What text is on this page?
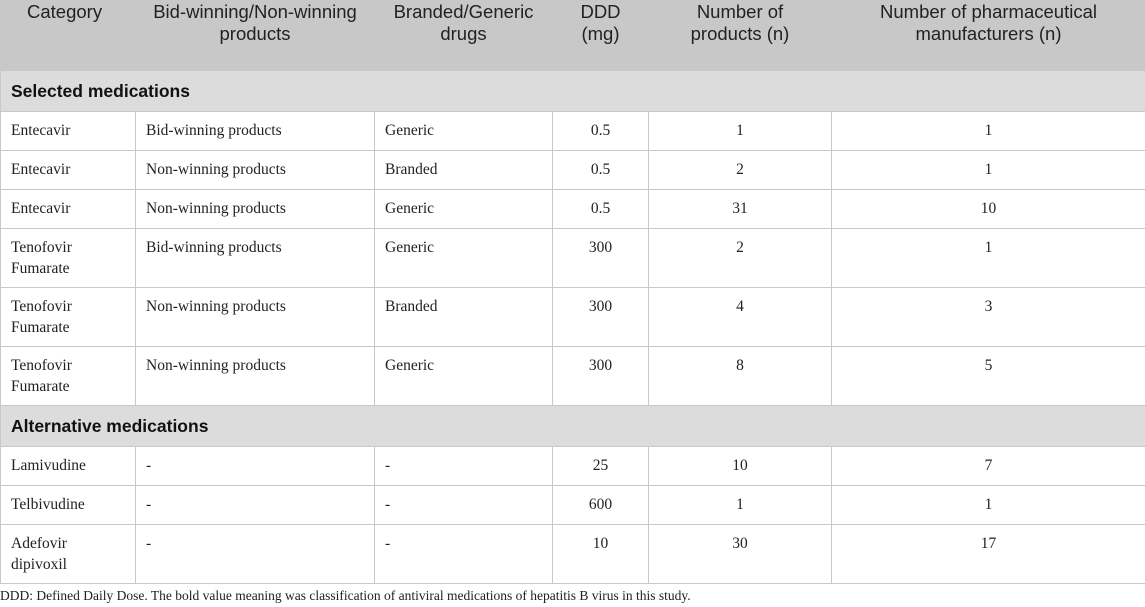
Category	Bid-winning/Non-winning products	Branded/Generic drugs	DDD (mg)	Number of products (n)	Number of pharmaceutical manufacturers (n)
Selected medications					
Entecavir	Bid-winning products	Generic	0.5	1	1
Entecavir	Non-winning products	Branded	0.5	2	1
Entecavir	Non-winning products	Generic	0.5	31	10
Tenofovir Fumarate	Bid-winning products	Generic	300	2	1
Tenofovir Fumarate	Non-winning products	Branded	300	4	3
Tenofovir Fumarate	Non-winning products	Generic	300	8	5
Alternative medications					
Lamivudine	-	-	25	10	7
Telbivudine	-	-	600	1	1
Adefovir dipivoxil	-	-	10	30	17
DDD: Defined Daily Dose. The bold value meaning was classification of antiviral medications of hepatitis B virus in this study.
